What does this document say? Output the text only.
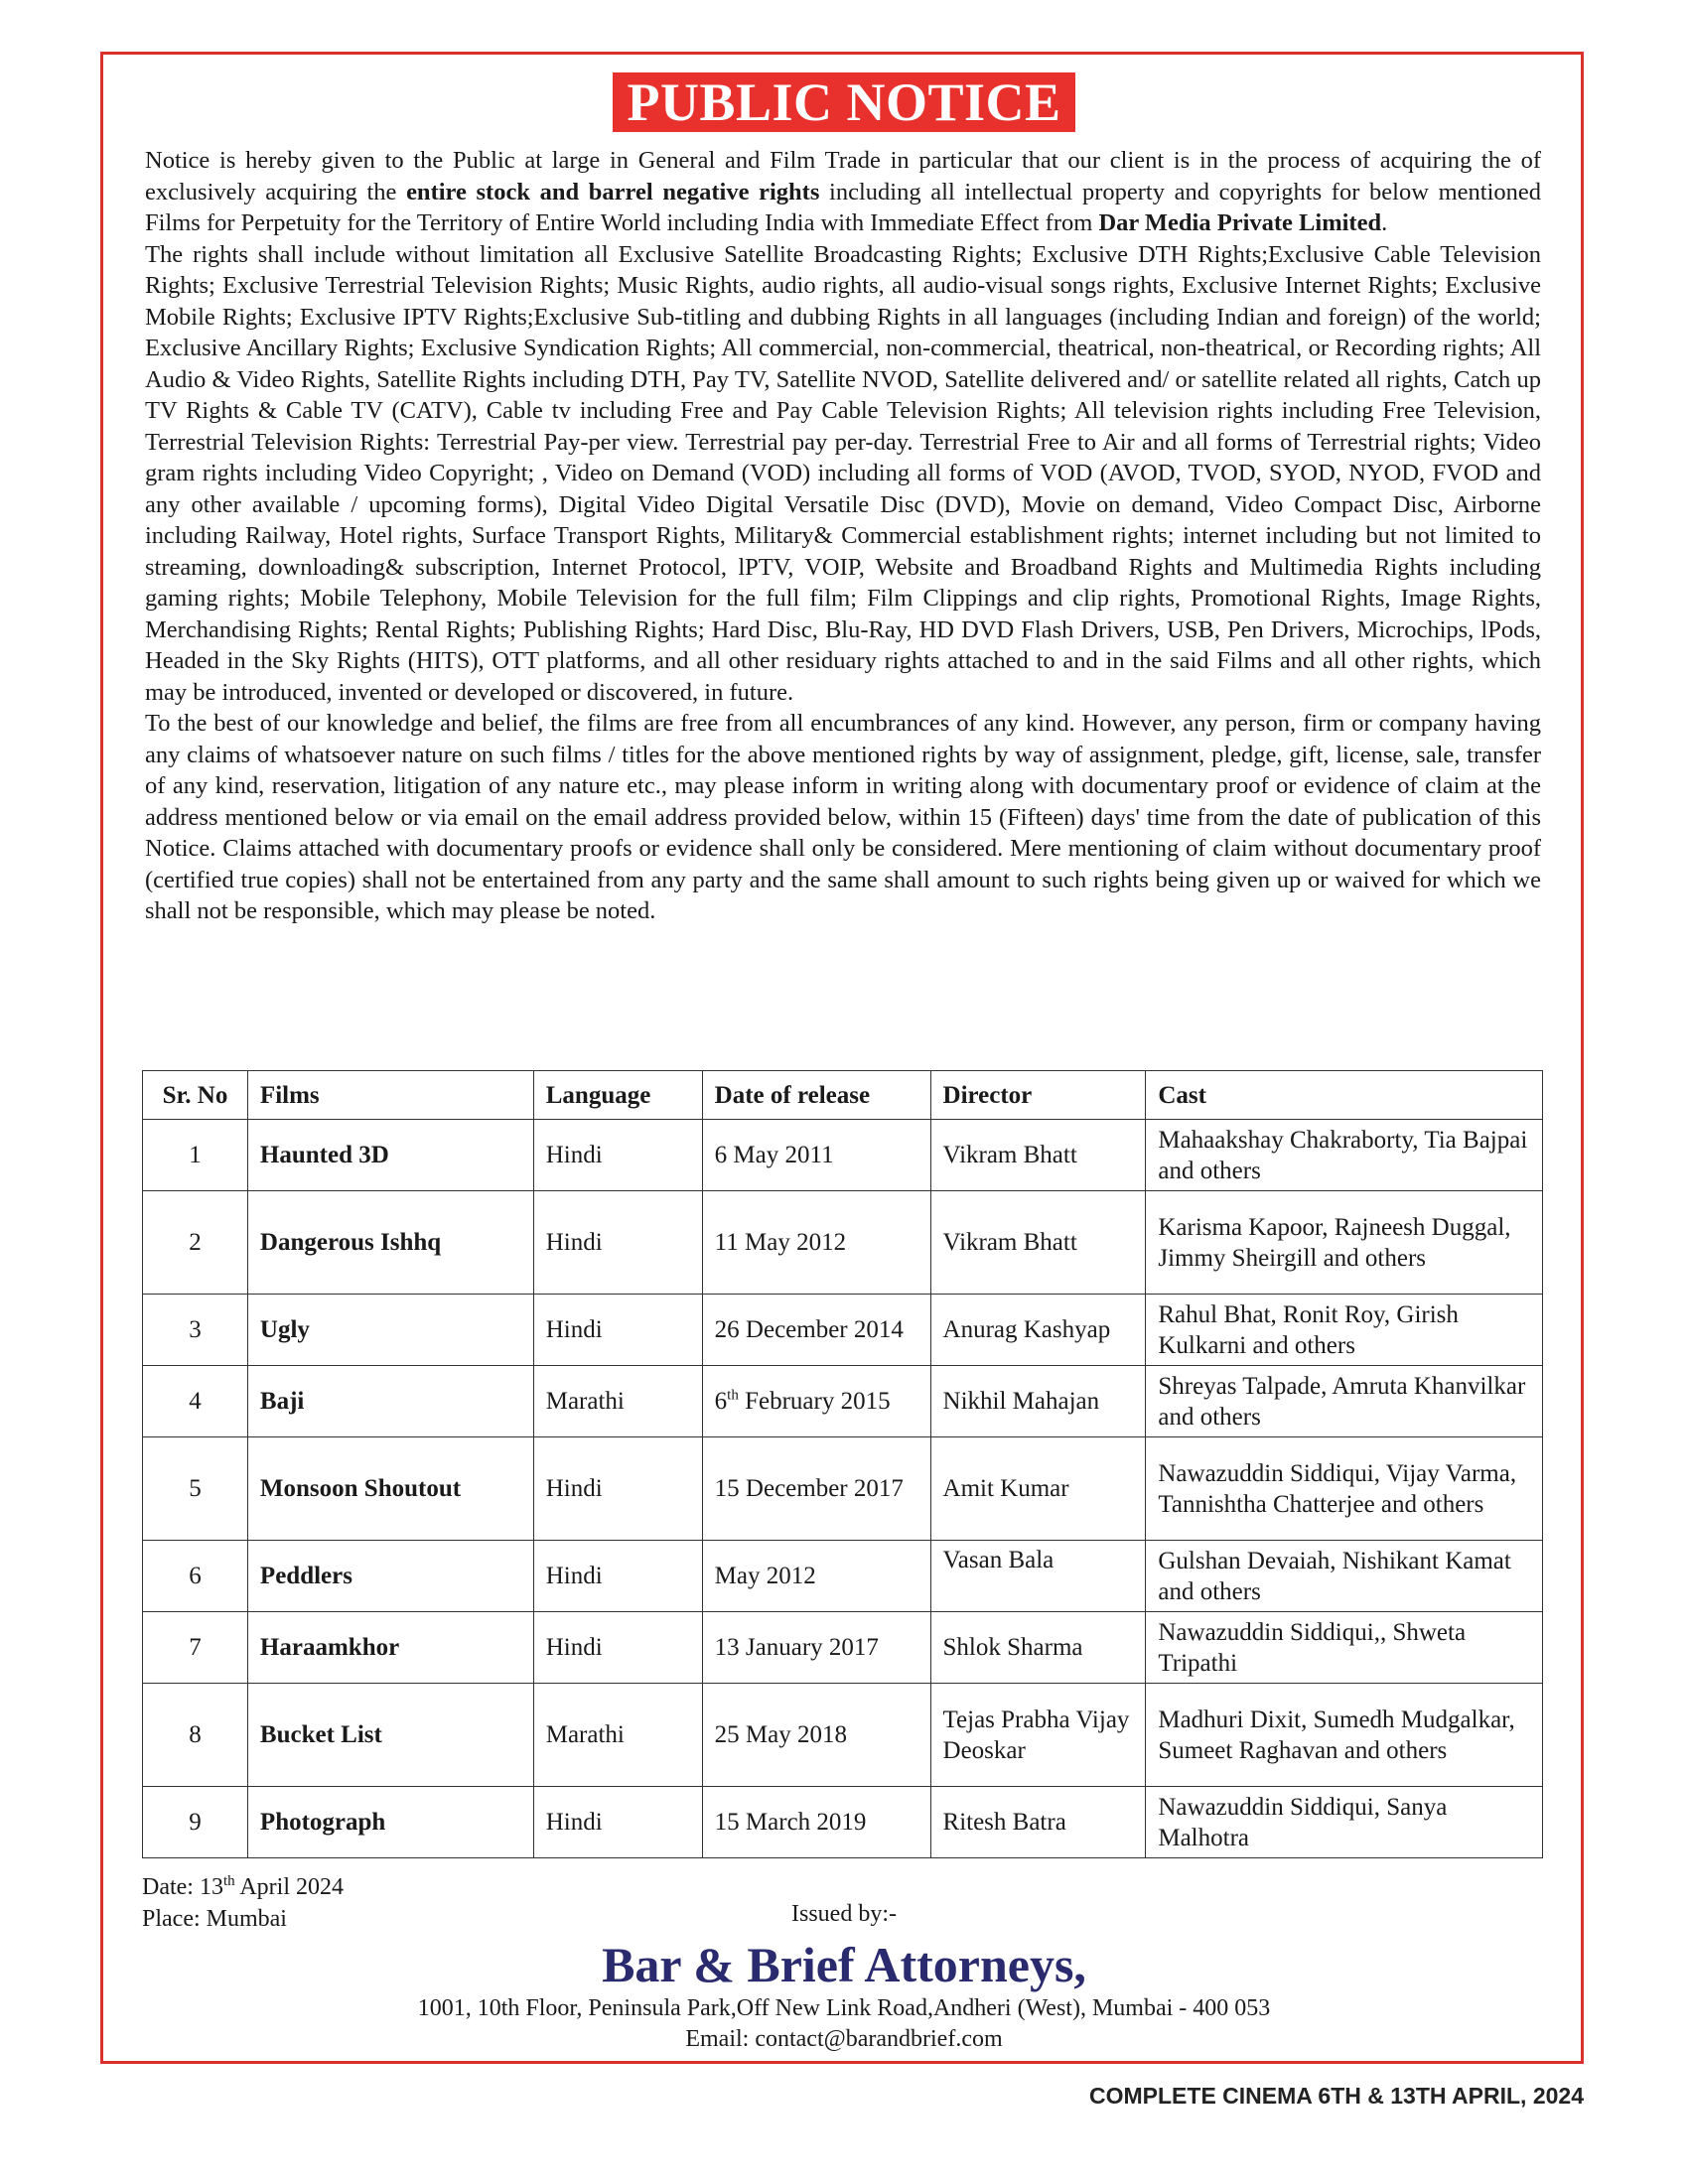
PUBLIC NOTICE

Notice is hereby given to the Public at large in General and Film Trade in particular that our client is in the process of acquiring the of exclusively acquiring the entire stock and barrel negative rights including all intellectual property and copyrights for below mentioned Films for Perpetuity for the Territory of Entire World including India with Immediate Effect from Dar Media Private Limited.

The rights shall include without limitation all Exclusive Satellite Broadcasting Rights; Exclusive DTH Rights;Exclusive Cable Television Rights; Exclusive Terrestrial Television Rights; Music Rights, audio rights, all audio-visual songs rights, Exclusive Internet Rights; Exclusive Mobile Rights; Exclusive IPTV Rights;Exclusive Sub-titling and dubbing Rights in all languages (including Indian and foreign) of the world; Exclusive Ancillary Rights; Exclusive Syndication Rights; All commercial, non-commercial, theatrical, non-theatrical, or Recording rights; All Audio & Video Rights, Satellite Rights including DTH, Pay TV, Satellite NVOD, Satellite delivered and/ or satellite related all rights, Catch up TV Rights & Cable TV (CATV), Cable tv including Free and Pay Cable Television Rights; All television rights including Free Television, Terrestrial Television Rights: Terrestrial Pay-per view. Terrestrial pay per-day. Terrestrial Free to Air and all forms of Terrestrial rights; Video gram rights including Video Copyright; , Video on Demand (VOD) including all forms of VOD (AVOD, TVOD, SYOD, NYOD, FVOD and any other available / upcoming forms), Digital Video Digital Versatile Disc (DVD), Movie on demand, Video Compact Disc, Airborne including Railway, Hotel rights, Surface Transport Rights, Military& Commercial establishment rights; internet including but not limited to streaming, downloading& subscription, Internet Protocol, lPTV, VOIP, Website and Broadband Rights and Multimedia Rights including gaming rights; Mobile Telephony, Mobile Television for the full film; Film Clippings and clip rights, Promotional Rights, Image Rights, Merchandising Rights; Rental Rights; Publishing Rights; Hard Disc, Blu-Ray, HD DVD Flash Drivers, USB, Pen Drivers, Microchips, lPods, Headed in the Sky Rights (HITS), OTT platforms, and all other residuary rights attached to and in the said Films and all other rights, which may be introduced, invented or developed or discovered, in future.

To the best of our knowledge and belief, the films are free from all encumbrances of any kind. However, any person, firm or company having any claims of whatsoever nature on such films / titles for the above mentioned rights by way of assignment, pledge, gift, license, sale, transfer of any kind, reservation, litigation of any nature etc., may please inform in writing along with documentary proof or evidence of claim at the address mentioned below or via email on the email address provided below, within 15 (Fifteen) days' time from the date of publication of this Notice. Claims attached with documentary proofs or evidence shall only be considered. Mere mentioning of claim without documentary proof (certified true copies) shall not be entertained from any party and the same shall amount to such rights being given up or waived for which we shall not be responsible, which may please be noted.

Sr. No	Films	Language	Date of release	Director	Cast
1	Haunted 3D	Hindi	6 May 2011	Vikram Bhatt	Mahaakshay Chakraborty, Tia Bajpai and others
2	Dangerous Ishhq	Hindi	11 May 2012	Vikram Bhatt	Karisma Kapoor, Rajneesh Duggal, Jimmy Sheirgill and others
3	Ugly	Hindi	26 December 2014	Anurag Kashyap	Rahul Bhat, Ronit Roy, Girish Kulkarni and others
4	Baji	Marathi	6th February 2015	Nikhil Mahajan	Shreyas Talpade, Amruta Khanvilkar and others
5	Monsoon Shoutout	Hindi	15 December 2017	Amit Kumar	Nawazuddin Siddiqui, Vijay Varma, Tannishtha Chatterjee and others
6	Peddlers	Hindi	May 2012	Vasan Bala	Gulshan Devaiah, Nishikant Kamat and others
7	Haraamkhor	Hindi	13 January 2017	Shlok Sharma	Nawazuddin Siddiqui,, Shweta Tripathi
8	Bucket List	Marathi	25 May 2018	Tejas Prabha Vijay Deoskar	Madhuri Dixit, Sumedh Mudgalkar, Sumeet Raghavan and others
9	Photograph	Hindi	15 March 2019	Ritesh Batra	Nawazuddin Siddiqui, Sanya Malhotra
Date: 13th April 2024
Place: Mumbai	Issued by:-
Bar & Brief Attorneys,
1001, 10th Floor, Peninsula Park,Off New Link Road,Andheri (West), Mumbai - 400 053
Email: contact@barandbrief.com
COMPLETE CINEMA 6TH & 13TH APRIL, 2024
